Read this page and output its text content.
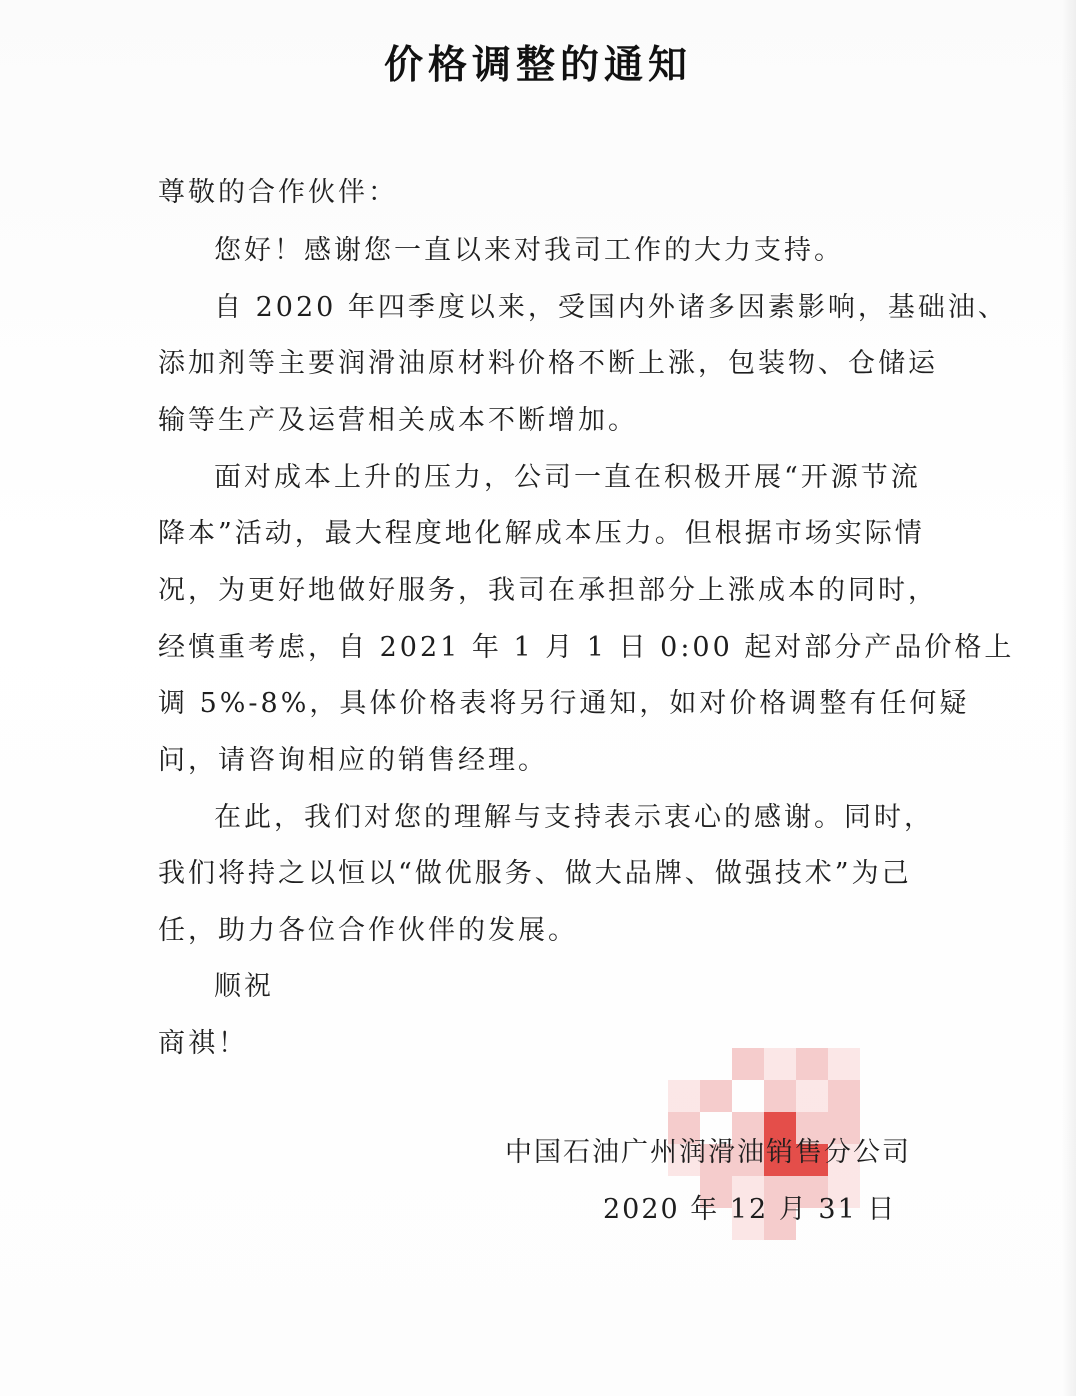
价格调整的通知
尊敬的合作伙伴：
您好！感谢您一直以来对我司工作的大力支持。
自 2020 年四季度以来，受国内外诸多因素影响，基础油、
添加剂等主要润滑油原材料价格不断上涨，包装物、仓储运
输等生产及运营相关成本不断增加。
面对成本上升的压力，公司一直在积极开展“开源节流
降本”活动，最大程度地化解成本压力。但根据市场实际情
况，为更好地做好服务，我司在承担部分上涨成本的同时，
经慎重考虑，自 2021 年 1 月 1 日 0:00 起对部分产品价格上
调 5%-8%，具体价格表将另行通知，如对价格调整有任何疑
问，请咨询相应的销售经理。
在此，我们对您的理解与支持表示衷心的感谢。同时，
我们将持之以恒以“做优服务、做大品牌、做强技术”为己
任，助力各位合作伙伴的发展。
顺祝
商祺！
中国石油广州润滑油销售分公司
2020 年 12 月 31 日
